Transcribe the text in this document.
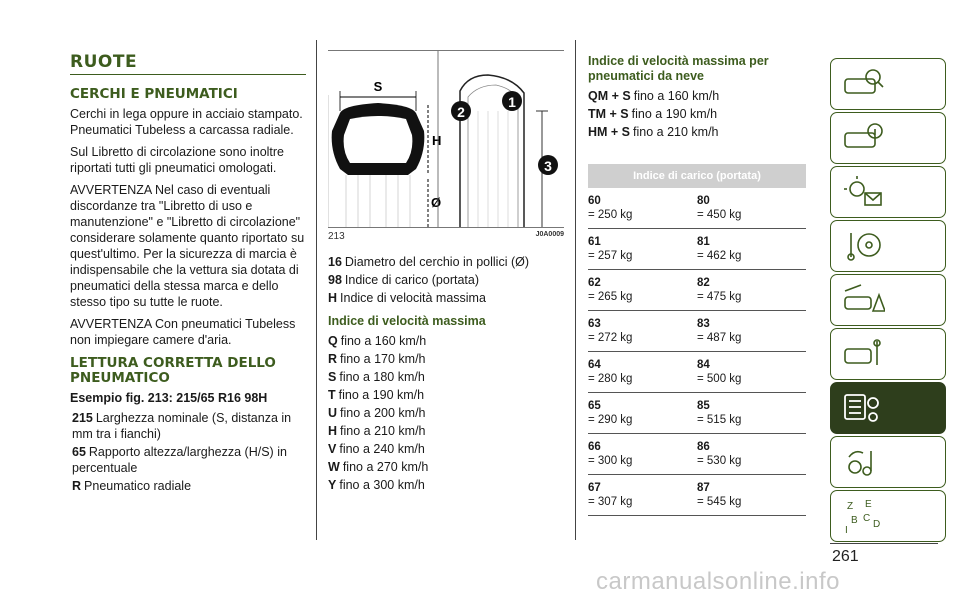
RUOTE
CERCHI E PNEUMATICI
Cerchi in lega oppure in acciaio stampato. Pneumatici Tubeless a carcassa radiale.
Sul Libretto di circolazione sono inoltre riportati tutti gli pneumatici omologati.
AVVERTENZA Nel caso di eventuali discordanze tra "Libretto di uso e manutenzione" e "Libretto di circolazione" considerare solamente quanto riportato su quest'ultimo. Per la sicurezza di marcia è indispensabile che la vettura sia dotata di pneumatici della stessa marca e dello stesso tipo su tutte le ruote.
AVVERTENZA Con pneumatici Tubeless non impiegare camere d'aria.
LETTURA CORRETTA DELLO PNEUMATICO
Esempio fig. 213: 215/65 R16 98H
215 Larghezza nominale (S, distanza in mm tra i fianchi)
65 Rapporto altezza/larghezza (H/S) in percentuale
R Pneumatico radiale
S
H
Ø
1
2
3
213	J0A0009
16 Diametro del cerchio in pollici (Ø)
98 Indice di carico (portata)
H Indice di velocità massima
Indice di velocità massima
Q fino a 160 km/h
R fino a 170 km/h
S fino a 180 km/h
T fino a 190 km/h
U fino a 200 km/h
H fino a 210 km/h
V fino a 240 km/h
W fino a 270 km/h
Y fino a 300 km/h
Indice di velocità massima per pneumatici da neve
QM + S fino a 160 km/h
TM + S fino a 190 km/h
HM + S fino a 210 km/h
Indice di carico (portata)
60
= 250 kg
80
= 450 kg
61
= 257 kg
81
= 462 kg
62
= 265 kg
82
= 475 kg
63
= 272 kg
83
= 487 kg
64
= 280 kg
84
= 500 kg
65
= 290 kg
85
= 515 kg
66
= 300 kg
86
= 530 kg
67
= 307 kg
87
= 545 kg	Z E
B C
D
I
261
carmanualsonline.info
